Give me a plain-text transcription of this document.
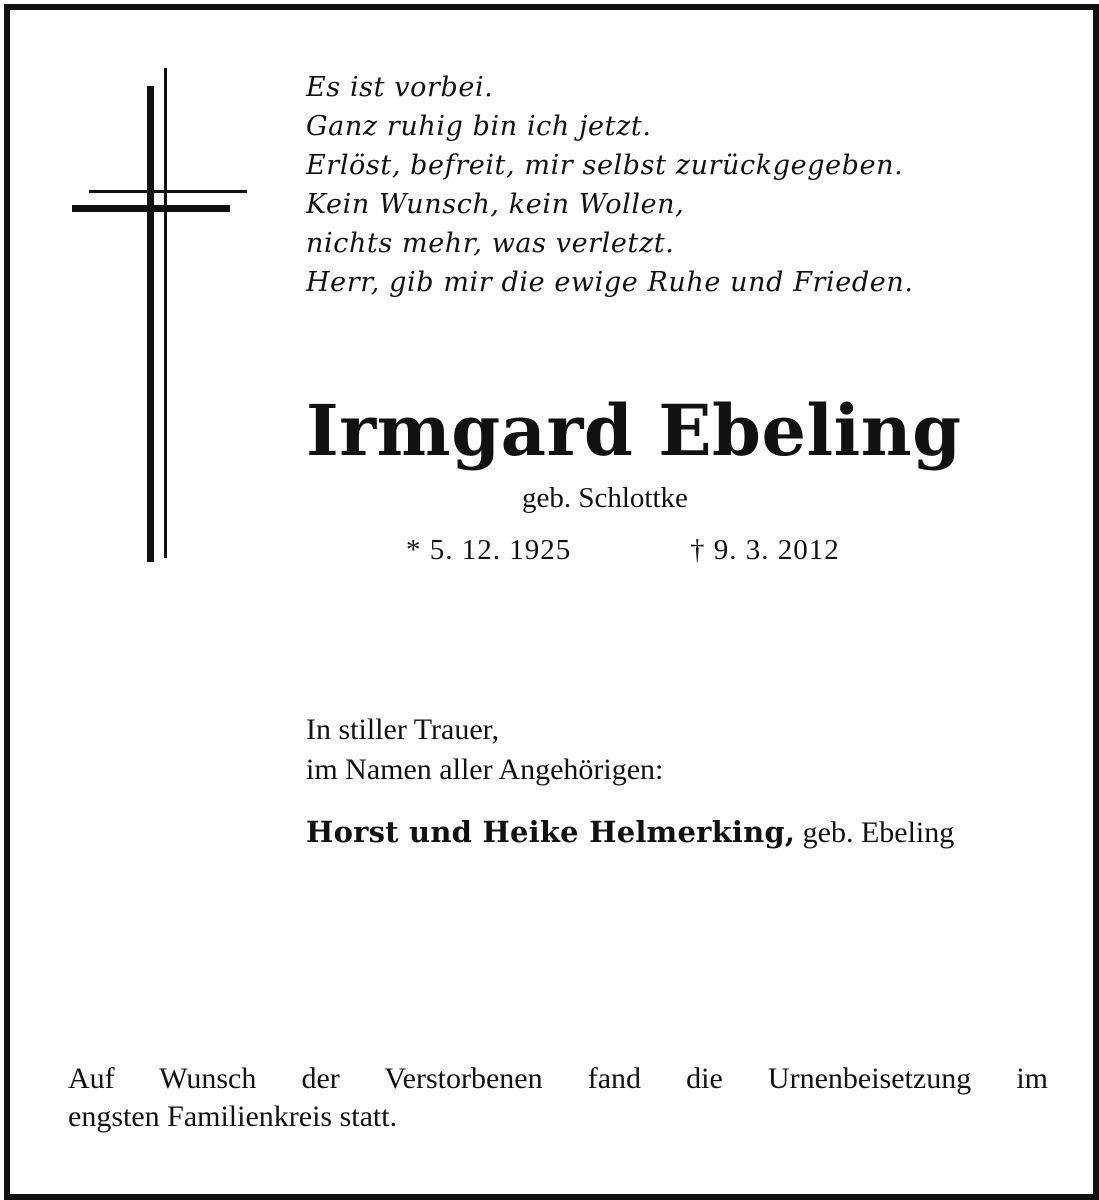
Es ist vorbei.
Ganz ruhig bin ich jetzt.
Erlöst, befreit, mir selbst zurückgegeben.
Kein Wunsch, kein Wollen,
nichts mehr, was verletzt.
Herr, gib mir die ewige Ruhe und Frieden.
Irmgard Ebeling
geb. Schlottke
* 5. 12. 1925	† 9. 3. 2012
In stiller Trauer,
im Namen aller Angehörigen:
Horst und Heike Helmerking, geb. Ebeling
Auf Wunsch der Verstorbenen fand die Urnenbeisetzung im
engsten Familienkreis statt.
